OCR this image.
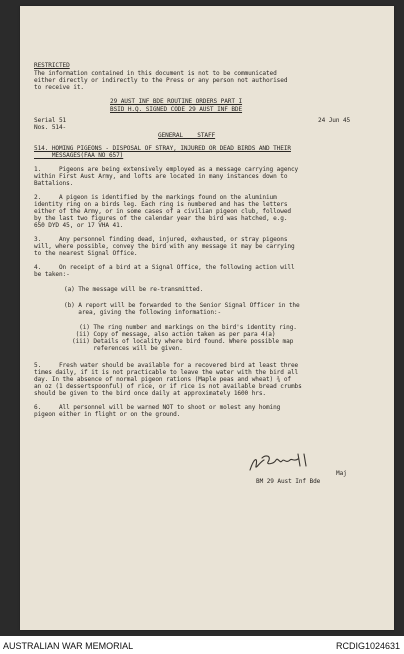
RESTRICTED
The information contained in this document is not to be communicated
either directly or indirectly to the Press or any person not authorised
to receive it.
29 AUST INF BDE ROUTINE ORDERS PART I
BSID H.Q. SIGNED CODE 29 AUST INF BDE
Serial 51
Nos. 514-
24 Jun 45
GENERAL    STAFF
514. HOMING PIGEONS - DISPOSAL OF STRAY, INJURED OR DEAD BIRDS AND THEIR
MESSAGES(FAA NO 657)
1.     Pigeons are being extensively employed as a message carrying agency
within First Aust Army, and lofts are located in many instances down to
Battalions.
2.     A pigeon is identified by the markings found on the aluminium
identity ring on a birds leg. Each ring is numbered and has the letters
either of the Army, or in some cases of a civilian pigeon club, followed
by the last two figures of the calendar year the bird was hatched, e.g.
650 DYD 45, or 17 VHA 41.
3.     Any personnel finding dead, injured, exhausted, or stray pigeons
will, where possible, convey the bird with any message it may be carrying
to the nearest Signal Office.
4.     On receipt of a bird at a Signal Office, the following action will
be taken:-
(a) The message will be re-transmitted.
(b) A report will be forwarded to the Senior Signal Officer in the
area, giving the following information:-
(i) The ring number and markings on the bird's identity ring.
(ii) Copy of message, also action taken as per para 4(a)
(iii) Details of locality where bird found. Where possible map
references will be given.
5.     Fresh water should be available for a recovered bird at least three
times daily, if it is not practicable to leave the water with the bird all
day. In the absence of normal pigeon rations (Maple peas and wheat) ¾ of
an oz (1 dessertspoonful) of rice, or if rice is not available bread crumbs
should be given to the bird once daily at approximately 1600 hrs.
6.     All personnel will be warned NOT to shoot or molest any homing
pigeon either in flight or on the ground.
Maj
BM 29 Aust Inf Bde
AUSTRALIAN WAR MEMORIAL	RCDIG1024631
